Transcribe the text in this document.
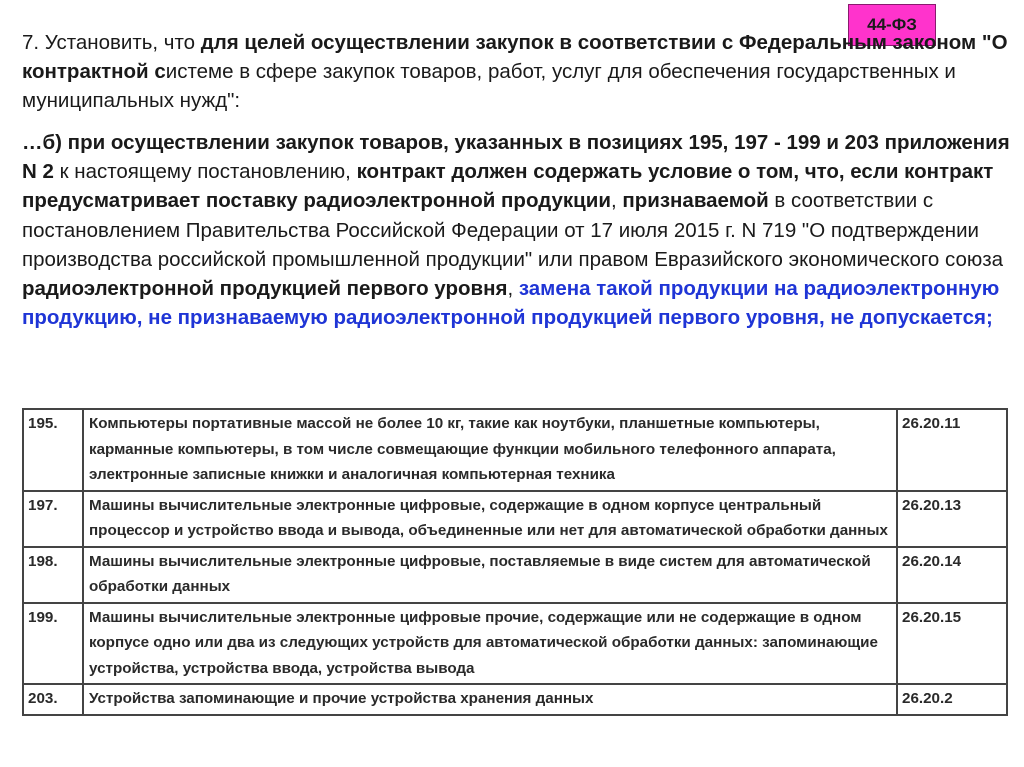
44-ФЗ
7. Установить, что для целей осуществлении закупок в соответствии с Федеральным законом "О контрактной системе в сфере закупок товаров, работ, услуг для обеспечения государственных и муниципальных нужд":
…б) при осуществлении закупок товаров, указанных в позициях 195, 197 - 199 и 203 приложения N 2 к настоящему постановлению, контракт должен содержать условие о том, что, если контракт предусматривает поставку радиоэлектронной продукции, признаваемой в соответствии с постановлением Правительства Российской Федерации от 17 июля 2015 г. N 719 "О подтверждении производства российской промышленной продукции" или правом Евразийского экономического союза радиоэлектронной продукцией первого уровня, замена такой продукции на радиоэлектронную продукцию, не признаваемую радиоэлектронной продукцией первого уровня, не допускается;
195.	Компьютеры портативные массой не более 10 кг, такие как ноутбуки, планшетные компьютеры, карманные компьютеры, в том числе совмещающие функции мобильного телефонного аппарата, электронные записные книжки и аналогичная компьютерная техника	26.20.11
197.	Машины вычислительные электронные цифровые, содержащие в одном корпусе центральный процессор и устройство ввода и вывода, объединенные или нет для автоматической обработки данных	26.20.13
198.	Машины вычислительные электронные цифровые, поставляемые в виде систем для автоматической обработки данных	26.20.14
199.	Машины вычислительные электронные цифровые прочие, содержащие или не содержащие в одном корпусе одно или два из следующих устройств для автоматической обработки данных: запоминающие устройства, устройства ввода, устройства вывода	26.20.15
203.	Устройства запоминающие и прочие устройства хранения данных	26.20.2
